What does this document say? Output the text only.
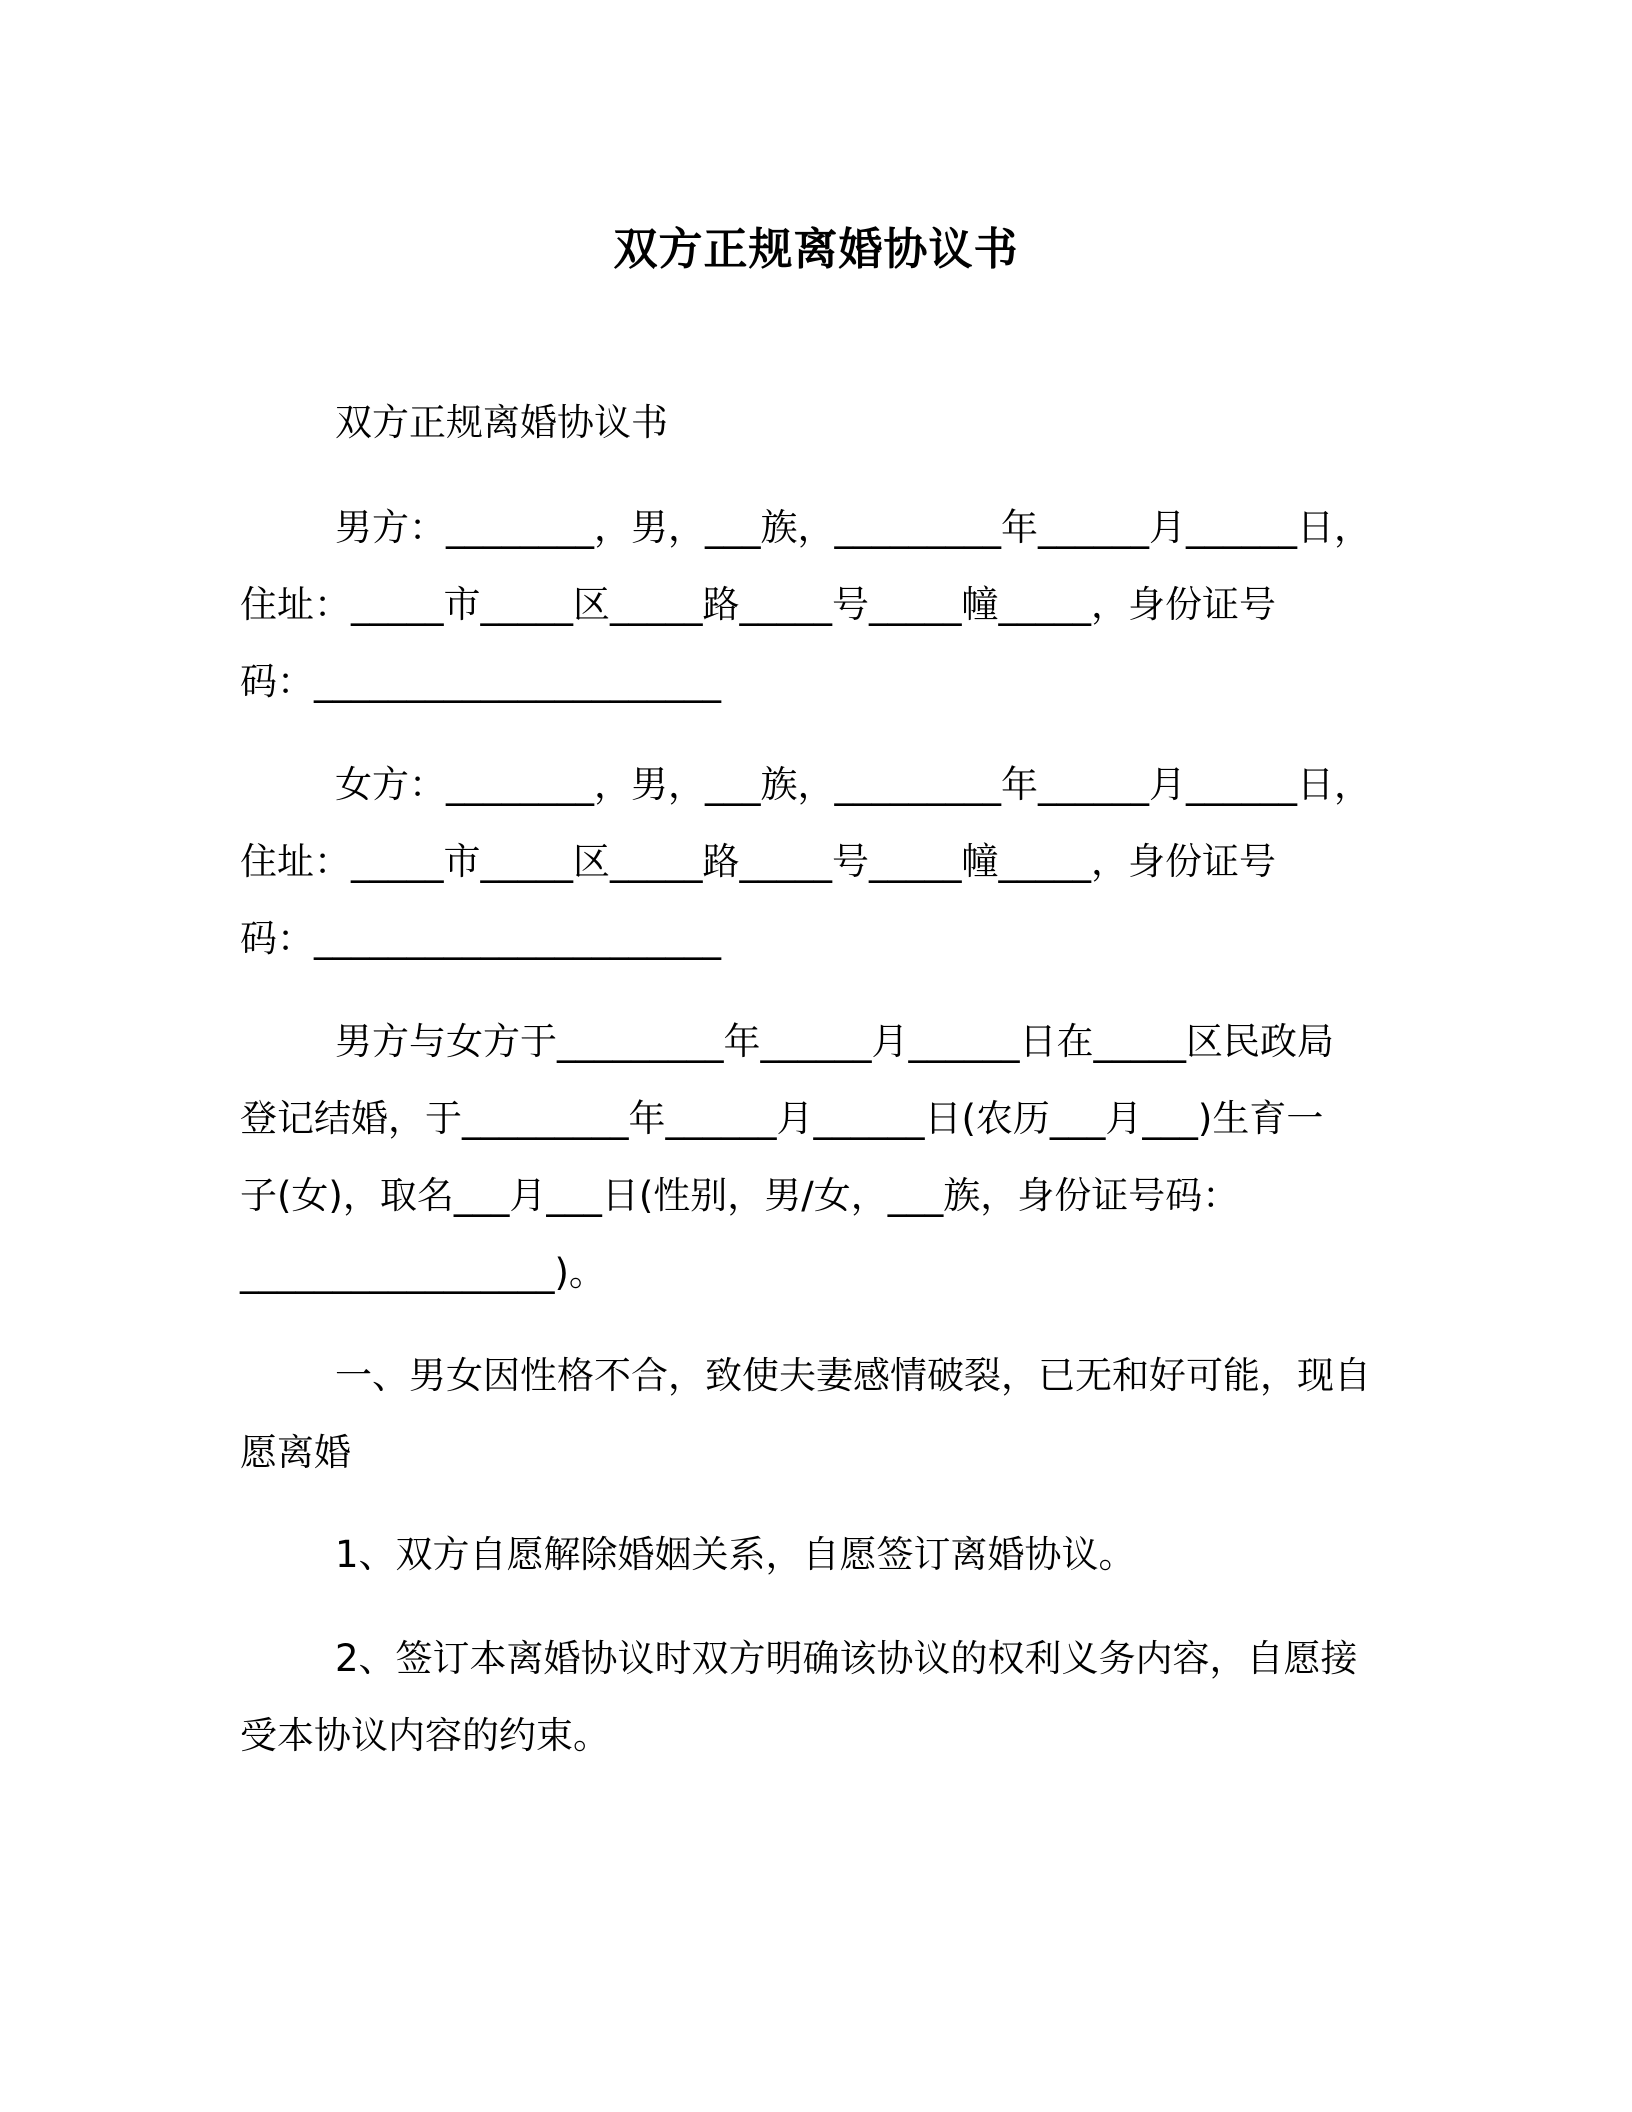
双方正规离婚协议书
双方正规离婚协议书
男方：________，男，___族，_________年______月______日，
住址：_____市_____区_____路_____号_____幢_____，身份证号
码：______________________
女方：________，男，___族，_________年______月______日，
住址：_____市_____区_____路_____号_____幢_____，身份证号
码：______________________
男方与女方于_________年______月______日在_____区民政局
登记结婚，于_________年______月______日(农历___月___)生育一
子(女)，取名___月___日(性别，男/女，___族，身份证号码：
_________________)。
一、男女因性格不合，致使夫妻感情破裂，已无和好可能，现自
愿离婚
1、双方自愿解除婚姻关系，自愿签订离婚协议。
2、签订本离婚协议时双方明确该协议的权利义务内容，自愿接
受本协议内容的约束。
